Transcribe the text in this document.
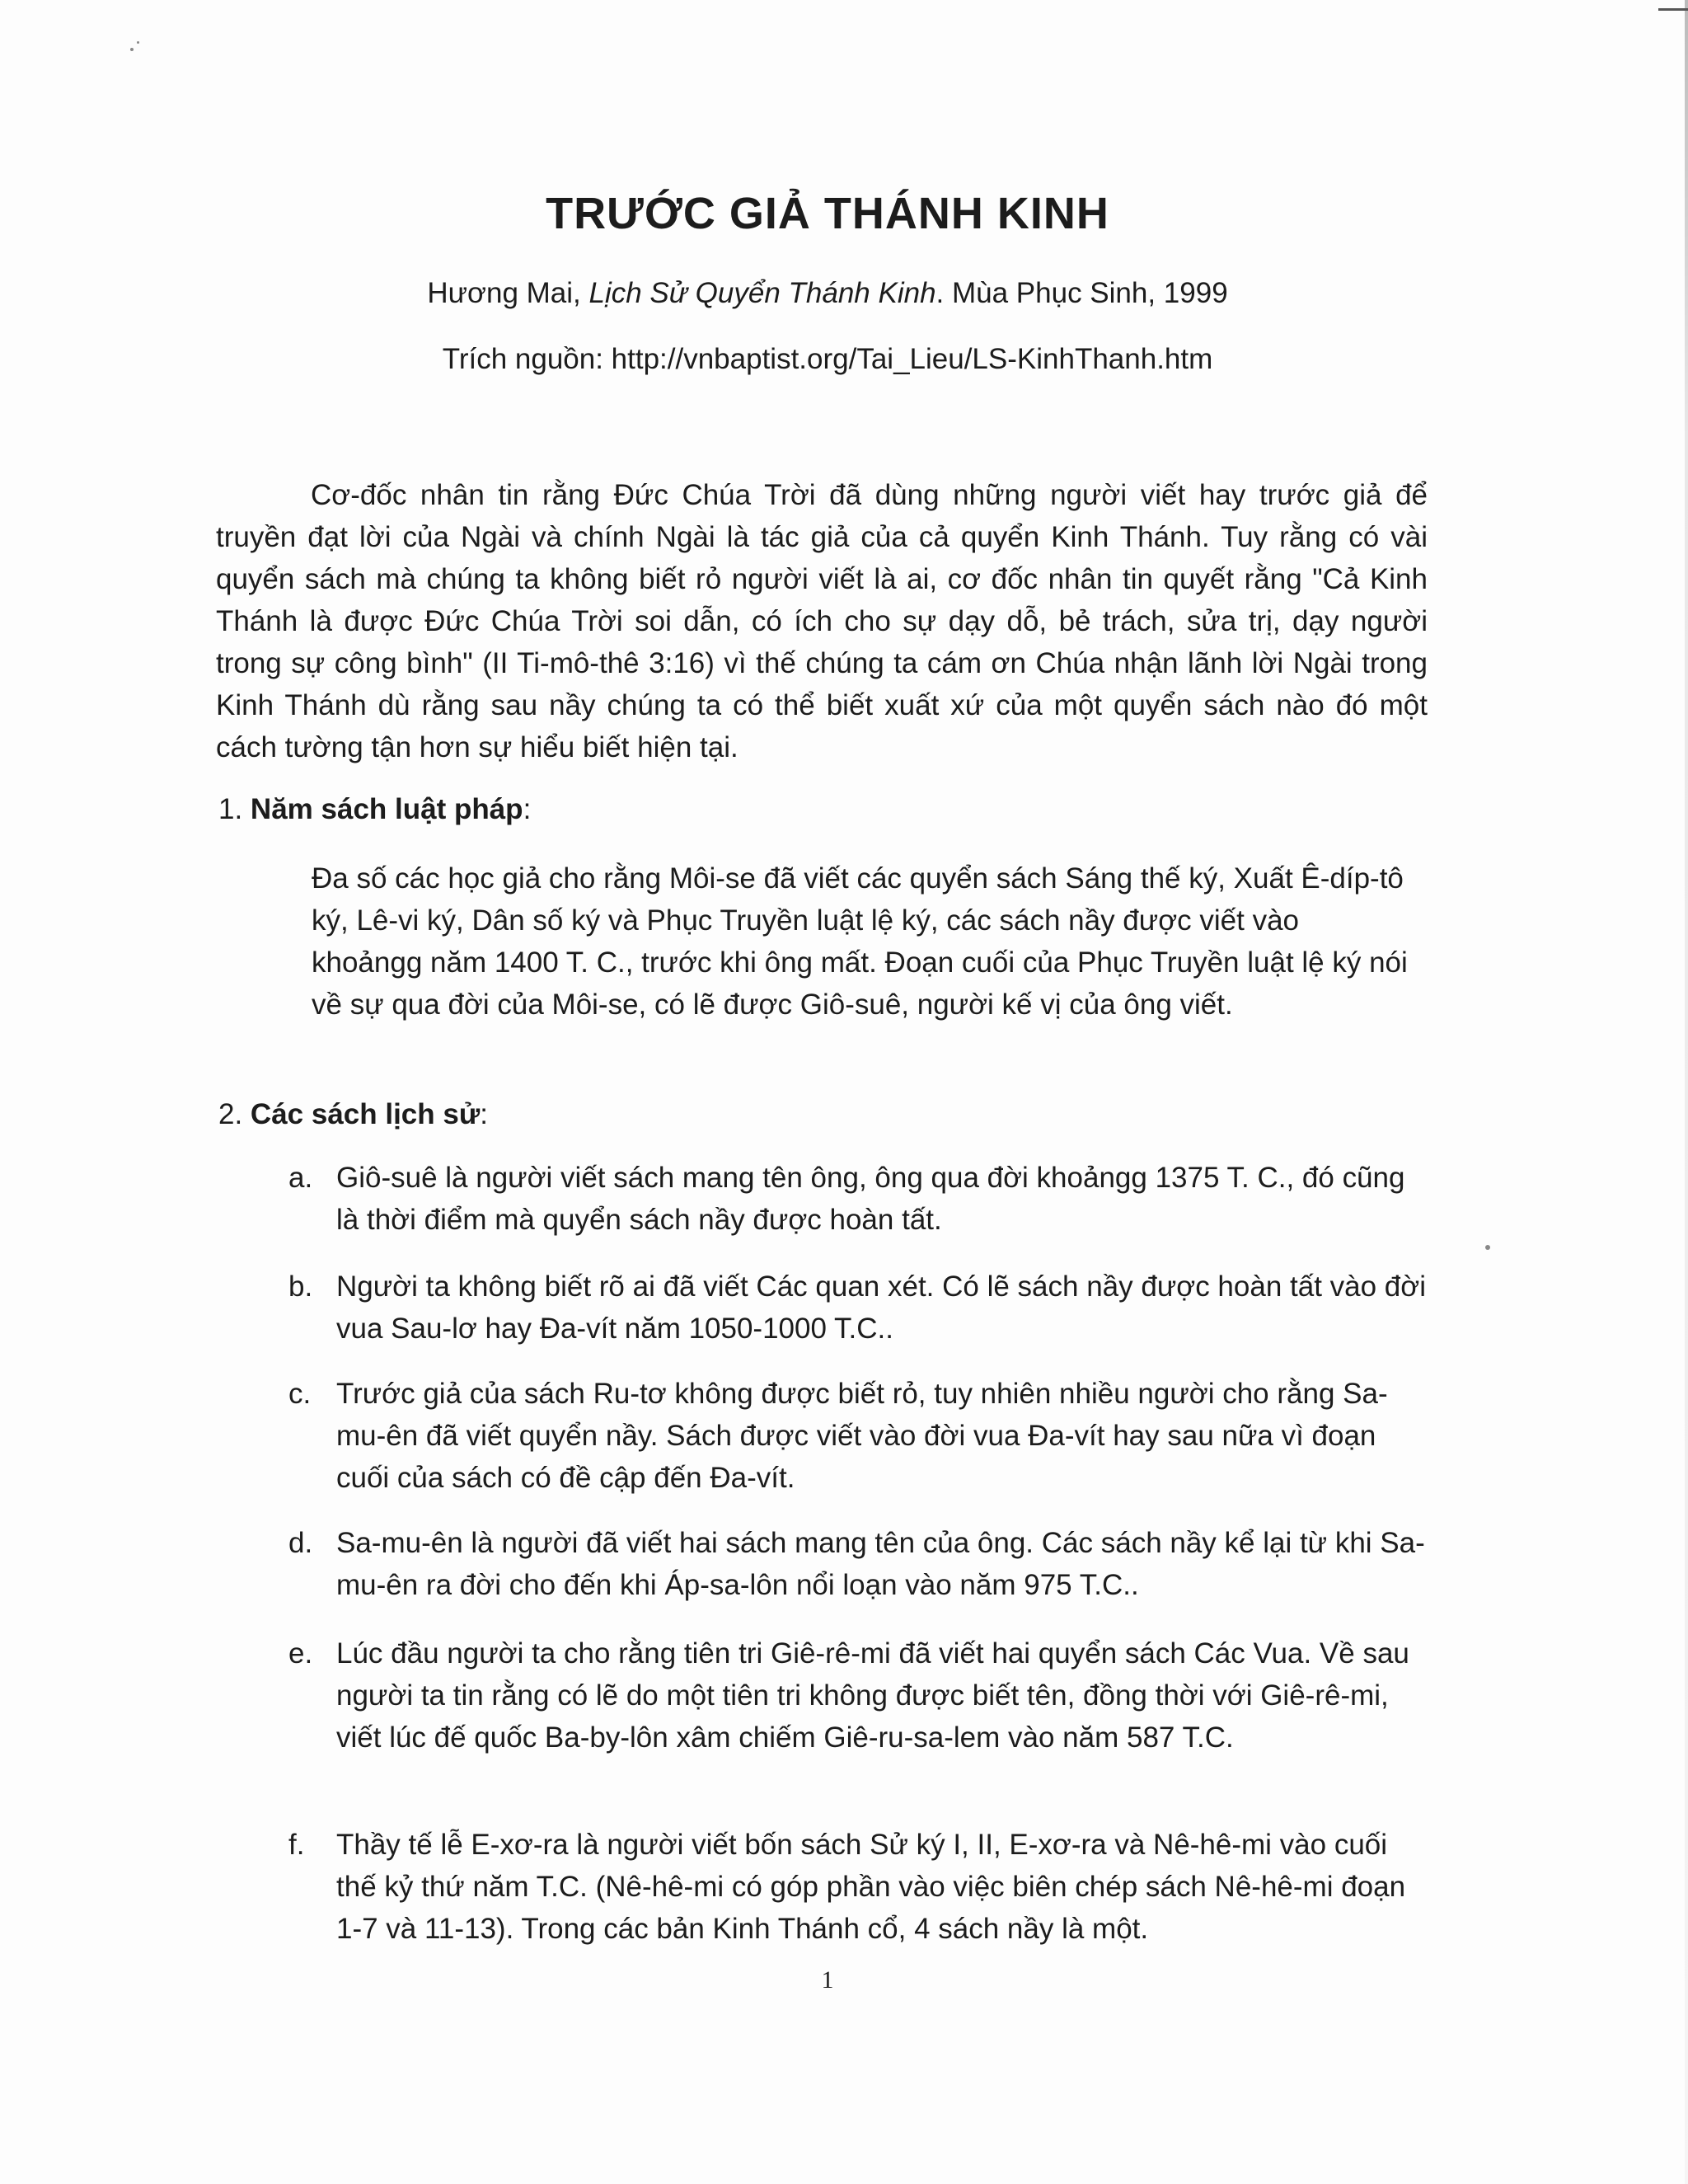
TRƯỚC GIẢ THÁNH KINH
Hương Mai, Lịch Sử Quyển Thánh Kinh. Mùa Phục Sinh, 1999
Trích nguồn: http://vnbaptist.org/Tai_Lieu/LS-KinhThanh.htm

Cơ-đốc nhân tin rằng Đức Chúa Trời đã dùng những người viết hay trước giả để truyền đạt lời của Ngài và chính Ngài là tác giả của cả quyển Kinh Thánh. Tuy rằng có vài quyển sách mà chúng ta không biết rỏ người viết là ai, cơ đốc nhân tin quyết rằng "Cả Kinh Thánh là được Đức Chúa Trời soi dẫn, có ích cho sự dạy dỗ, bẻ trách, sửa trị, dạy người trong sự công bình" (II Ti-mô-thê 3:16) vì thế chúng ta cám ơn Chúa nhận lãnh lời Ngài trong Kinh Thánh dù rằng sau nầy chúng ta có thể biết xuất xứ của một quyển sách nào đó một cách tường tận hơn sự hiểu biết hiện tại.

1. Năm sách luật pháp:

Đa số các học giả cho rằng Môi-se đã viết các quyển sách Sáng thế ký, Xuất Ê-díp-tô ký, Lê-vi ký, Dân số ký và Phục Truyền luật lệ ký, các sách nầy được viết vào khoảngg năm 1400 T. C., trước khi ông mất. Đoạn cuối của Phục Truyền luật lệ ký nói về sự qua đời của Môi-se, có lẽ được Giô-suê, người kế vị của ông viết.

2. Các sách lịch sử:
a. Giô-suê là người viết sách mang tên ông, ông qua đời khoảngg 1375 T. C., đó cũng là thời điểm mà quyển sách nầy được hoàn tất.
b. Người ta không biết rõ ai đã viết Các quan xét. Có lẽ sách nầy được hoàn tất vào đời vua Sau-lơ hay Đa-vít năm 1050-1000 T.C..
c. Trước giả của sách Ru-tơ không được biết rỏ, tuy nhiên nhiều người cho rằng Sa-mu-ên đã viết quyển nầy. Sách được viết vào đời vua Đa-vít hay sau nữa vì đoạn cuối của sách có đề cập đến Đa-vít.
d. Sa-mu-ên là người đã viết hai sách mang tên của ông. Các sách nầy kể lại từ khi Sa-mu-ên ra đời cho đến khi Áp-sa-lôn nổi loạn vào năm 975 T.C..
e. Lúc đầu người ta cho rằng tiên tri Giê-rê-mi đã viết hai quyển sách Các Vua. Về sau người ta tin rằng có lẽ do một tiên tri không được biết tên, đồng thời với Giê-rê-mi, viết lúc đế quốc Ba-by-lôn xâm chiếm Giê-ru-sa-lem vào năm 587 T.C.
f.	Thầy tế lễ E-xơ-ra là người viết bốn sách Sử ký I, II, E-xơ-ra và Nê-hê-mi vào cuối thế kỷ thứ năm T.C. (Nê-hê-mi có góp phần vào việc biên chép sách Nê-hê-mi đoạn 1-7 và 11-13). Trong các bản Kinh Thánh cổ, 4 sách nầy là một.
1
